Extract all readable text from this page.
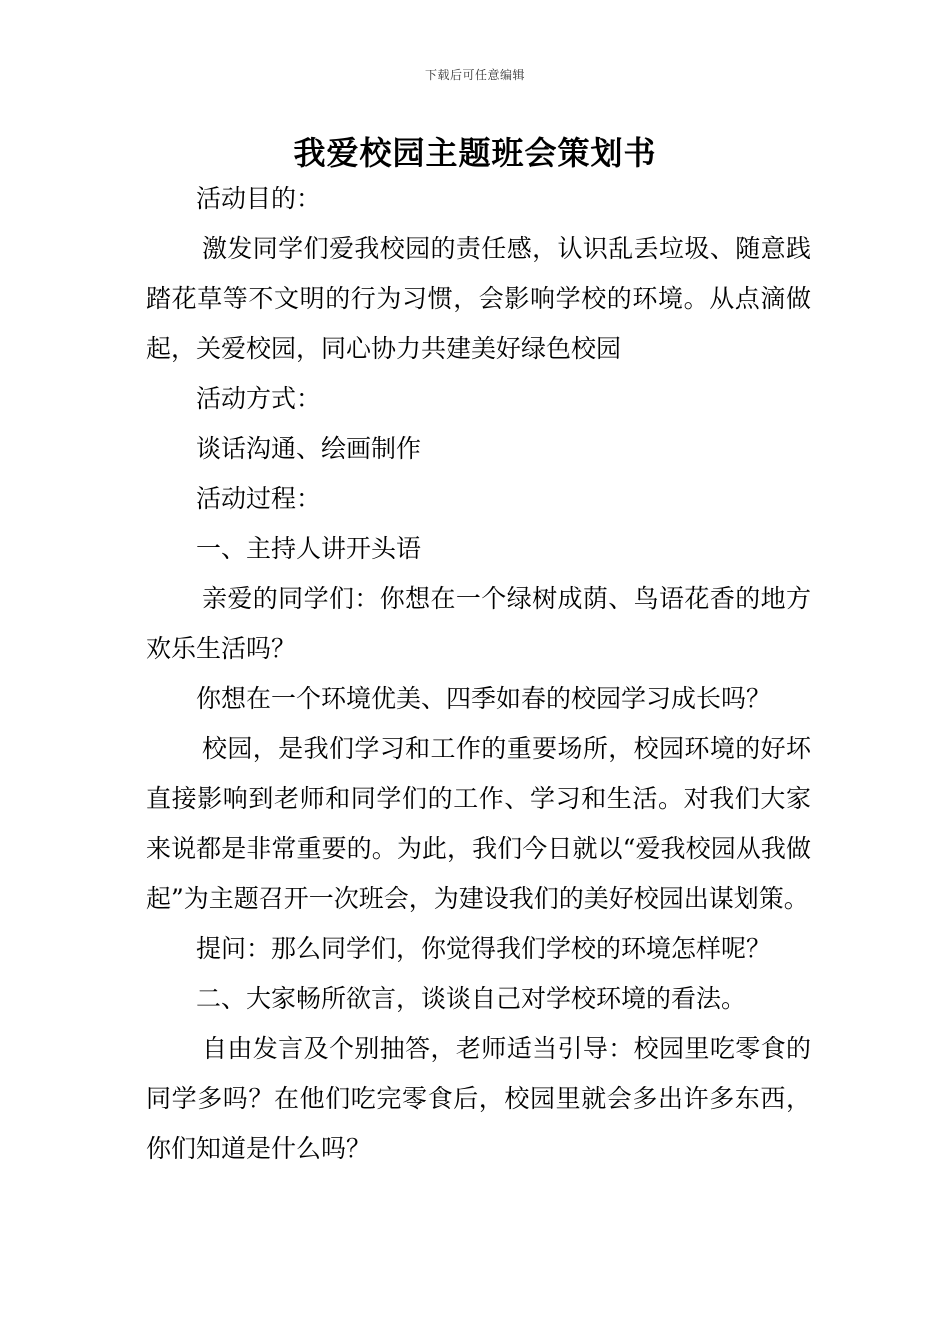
下载后可任意编辑
我爱校园主题班会策划书

活动目的：

激发同学们爱我校园的责任感，认识乱丢垃圾、随意践踏花草等不文明的行为习惯，会影响学校的环境。从点滴做起，关爱校园，同心协力共建美好绿色校园

活动方式：

谈话沟通、绘画制作

活动过程：

一、主持人讲开头语

亲爱的同学们：你想在一个绿树成荫、鸟语花香的地方欢乐生活吗？

你想在一个环境优美、四季如春的校园学习成长吗？

校园，是我们学习和工作的重要场所，校园环境的好坏直接影响到老师和同学们的工作、学习和生活。对我们大家来说都是非常重要的。为此，我们今日就以“爱我校园从我做起”为主题召开一次班会，为建设我们的美好校园出谋划策。

提问：那么同学们，你觉得我们学校的环境怎样呢？

二、大家畅所欲言，谈谈自己对学校环境的看法。

自由发言及个别抽答，老师适当引导：校园里吃零食的同学多吗？在他们吃完零食后，校园里就会多出许多东西，你们知道是什么吗？
